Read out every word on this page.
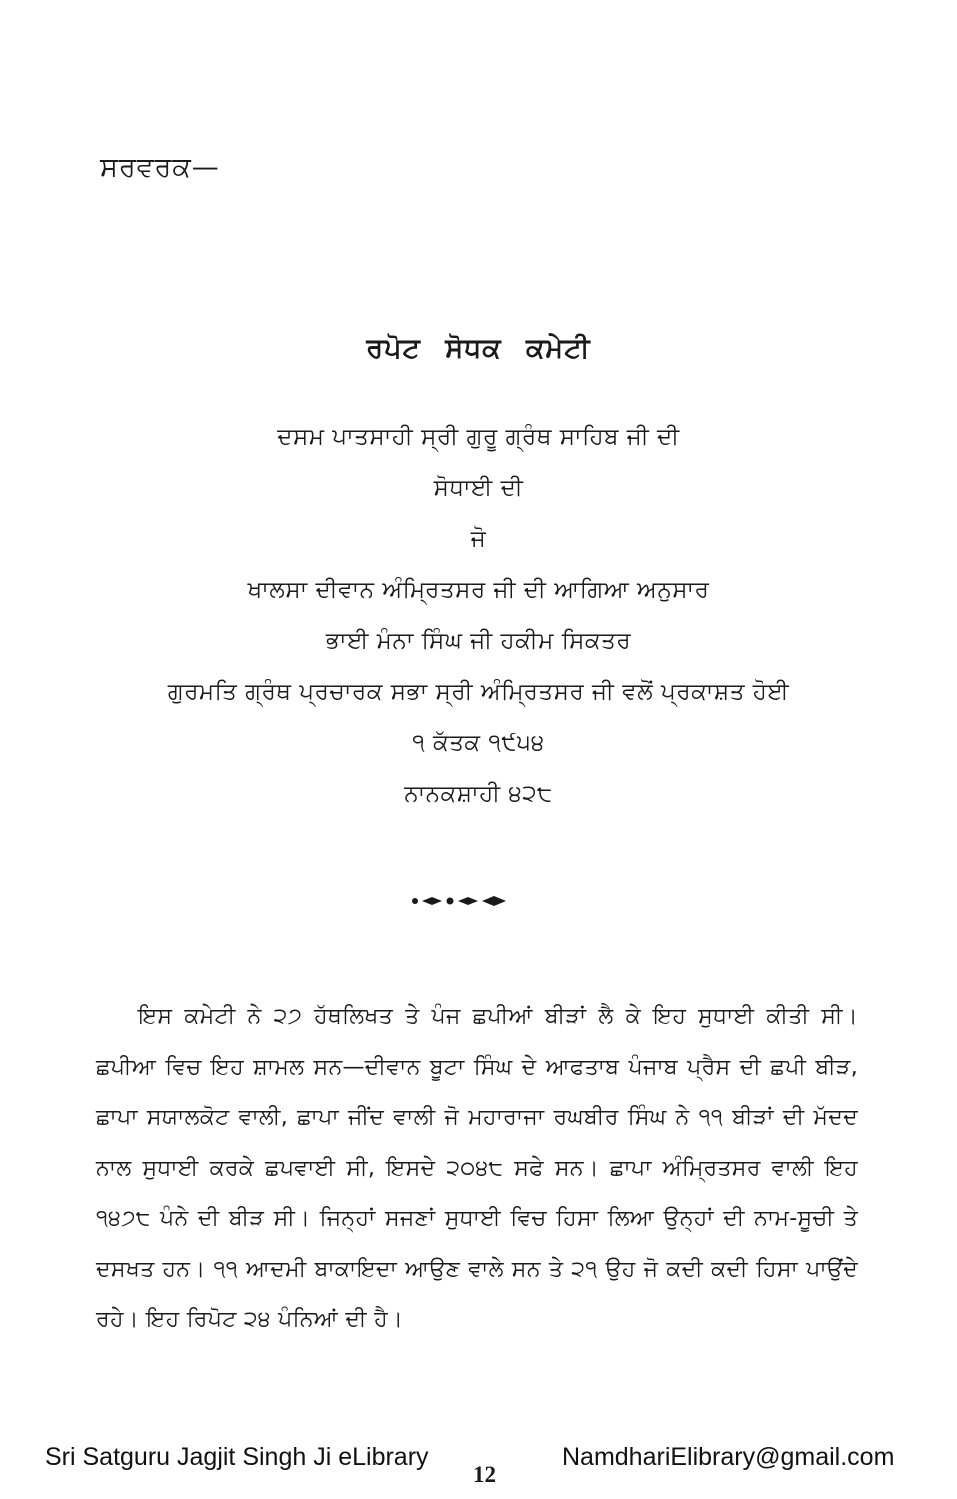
ਸਰਵਰਕ—
ਰਪੋਟ ਸੋਧਕ ਕਮੇਟੀ
ਦਸਮ ਪਾਤਸਾਹੀ ਸ੍ਰੀ ਗੁਰੂ ਗ੍ਰੰਥ ਸਾਹਿਬ ਜੀ ਦੀ
ਸੋਧਾਈ ਦੀ
ਜੋ
ਖਾਲਸਾ ਦੀਵਾਨ ਅੰਮ੍ਰਿਤਸਰ ਜੀ ਦੀ ਆਗਿਆ ਅਨੁਸਾਰ
ਭਾਈ ਮੰਨਾ ਸਿੰਘ ਜੀ ਹਕੀਮ ਸਿਕਤਰ
ਗੁਰਮਤਿ ਗ੍ਰੰਥ ਪ੍ਰਚਾਰਕ ਸਭਾ ਸ੍ਰੀ ਅੰਮ੍ਰਿਤਸਰ ਜੀ ਵਲੋਂ ਪ੍ਰਕਾਸ਼ਤ ਹੋਈ
੧ ਕੱਤਕ ੧੯੫੪
ਨਾਨਕਸ਼ਾਹੀ ੪੨੮
ਇਸ ਕਮੇਟੀ ਨੇ ੨੭ ਹੱਥਲਿਖਤ ਤੇ ਪੰਜ ਛਪੀਆਂ ਬੀੜਾਂ ਲੈ ਕੇ ਇਹ ਸੁਧਾਈ ਕੀਤੀ ਸੀ। ਛਪੀਆ ਵਿਚ ਇਹ ਸ਼ਾਮਲ ਸਨ—ਦੀਵਾਨ ਬੂਟਾ ਸਿੰਘ ਦੇ ਆਫਤਾਬ ਪੰਜਾਬ ਪ੍ਰੈਸ ਦੀ ਛਪੀ ਬੀੜ, ਛਾਪਾ ਸਯਾਲਕੋਟ ਵਾਲੀ, ਛਾਪਾ ਜੀਂਦ ਵਾਲੀ ਜੋ ਮਹਾਰਾਜਾ ਰਘਬੀਰ ਸਿੰਘ ਨੇ ੧੧ ਬੀੜਾਂ ਦੀ ਮੱਦਦ ਨਾਲ ਸੁਧਾਈ ਕਰਕੇ ਛਪਵਾਈ ਸੀ, ਇਸਦੇ ੨੦੪੮ ਸਫੇ ਸਨ। ਛਾਪਾ ਅੰਮ੍ਰਿਤਸਰ ਵਾਲੀ ਇਹ ੧੪੭੮ ਪੰਨੇ ਦੀ ਬੀੜ ਸੀ। ਜਿਨ੍ਹਾਂ ਸਜਣਾਂ ਸੁਧਾਈ ਵਿਚ ਹਿਸਾ ਲਿਆ ਉਨ੍ਹਾਂ ਦੀ ਨਾਮ-ਸੂਚੀ ਤੇ ਦਸਖਤ ਹਨ। ੧੧ ਆਦਮੀ ਬਾਕਾਇਦਾ ਆਉਣ ਵਾਲੇ ਸਨ ਤੇ ੨੧ ਉਹ ਜੋ ਕਦੀ ਕਦੀ ਹਿਸਾ ਪਾਉਂਦੇ ਰਹੇ। ਇਹ ਰਿਪੋਟ ੨੪ ਪੰਨਿਆਂ ਦੀ ਹੈ।
Sri Satguru Jagjit Singh Ji eLibrary
12
NamdhariElibrary@gmail.com
